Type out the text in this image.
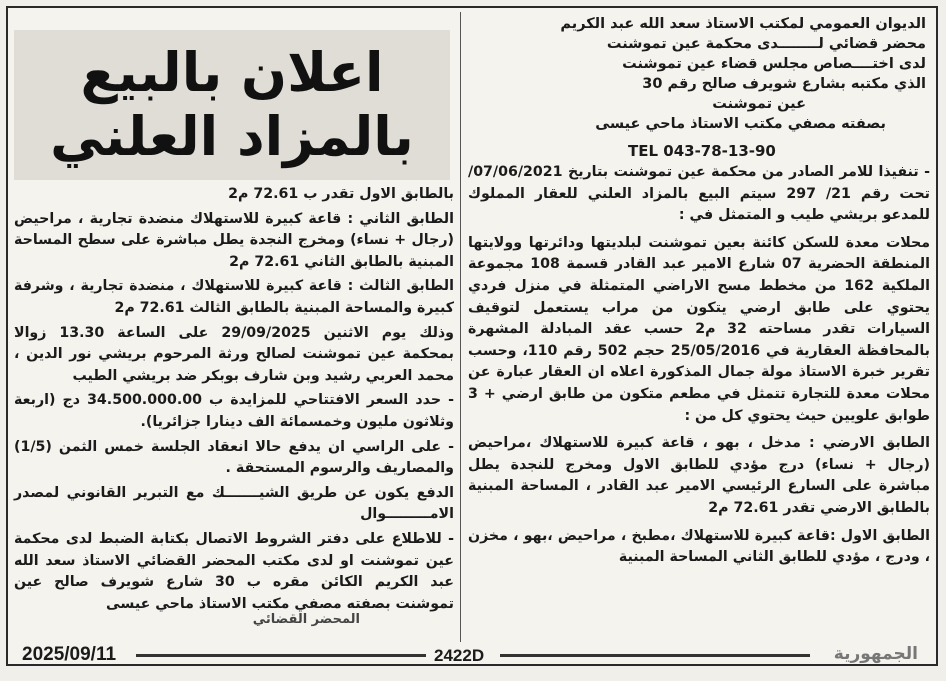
الديوان العمومي لمكتب الاستاذ سعد الله عبد الكريم
محضر قضائي لــــــــدى محكمة عين تموشنت
لدى اختــــصاص مجلس قضاء عين تموشنت
الذي مكتبه بشارع شويرف صالح رقم 30
عين تموشنت
بصفته مصفي مكتب الاستاذ ماحي عيسى
TEL 043-78-13-90

- تنفيذا للامر الصادر من محكمة عين تموشنت بتاريخ 07/06/2021/تحت رقم 21/ 297 سيتم البيع بالمزاد العلني للعقار المملوك للمدعو بريشي طيب و المتمثل في :

محلات معدة للسكن كائنة بعين تموشنت لبلديتها ودائرتها وولايتها المنطقة الحضرية 07 شارع الامير عبد القادر قسمة 108 مجموعة الملكية 162 من مخطط مسح الاراضي المتمثلة في منزل فردي يحتوي على طابق ارضي يتكون من مراب يستعمل لتوقيف السيارات تقدر مساحته 32 م2 حسب عقد المبادلة المشهرة بالمحافظة العقارية في 25/05/2016 حجم 502 رقم 110، وحسب تقرير خبرة الاستاذ مولة جمال المذكورة اعلاه ان العقار عبارة عن محلات معدة للتجارة تتمثل في مطعم متكون من طابق ارضي + 3 طوابق علويين حيث يحتوي كل من :

الطابق الارضي : مدخل ، بهو ، قاعة كبيرة للاستهلاك ،مراحيض (رجال + نساء) درج مؤدي للطابق الاول ومخرج للنجدة يطل مباشرة على السارع الرئيسي الامير عبد القادر ، المساحة المبنية بالطابق الارضي تقدر 72.61 م2

الطابق الاول :قاعة كبيرة للاستهلاك ،مطبخ ، مراحيض ،بهو ، مخزن ، ودرج ، مؤدي للطابق الثاني المساحة المبنية

اعلان بالبيع
بالمزاد العلني

بالطابق الاول تقدر ب 72.61 م2

الطابق الثاني : قاعة كبيرة للاستهلاك منضدة تجارية ، مراحيض (رجال + نساء) ومخرج النجدة يطل مباشرة على سطح المساحة المبنية بالطابق الثاني 72.61 م2

الطابق الثالث : قاعة كبيرة للاستهلاك ، منضدة تجارية ، وشرفة كبيرة والمساحة المبنية بالطابق الثالث 72.61 م2

وذلك يوم الاثنين 29/09/2025 على الساعة 13.30 زوالا بمحكمة عين تموشنت لصالح ورثة المرحوم بريشي نور الدين ، محمد العربي رشيد وبن شارف بوبكر ضد بريشي الطيب

- حدد السعر الافتتاحي للمزايدة ب 34.500.000.00 دج (اربعة وثلاثون مليون وخمسمائة الف دينارا جزائريا).

- على الراسي ان يدفع حالا انعقاد الجلسة خمس الثمن (1/5) والمصاريف والرسوم المستحقة .

الدفع يكون عن طريق الشيـــــــك مع التبرير القانوني لمصدر الامـــــــــوال

- للاطلاع على دفتر الشروط الاتصال بكتابة الضبط لدى محكمة عين تموشنت او لدى مكتب المحضر القضائي الاستاذ سعد الله عبد الكريم الكائن مقره ب 30 شارع شويرف صالح عين تموشنت بصفته مصفي مكتب الاستاذ ماحي عيسى

المحضر القضائي
2025/09/11	2422D	الجمهورية
